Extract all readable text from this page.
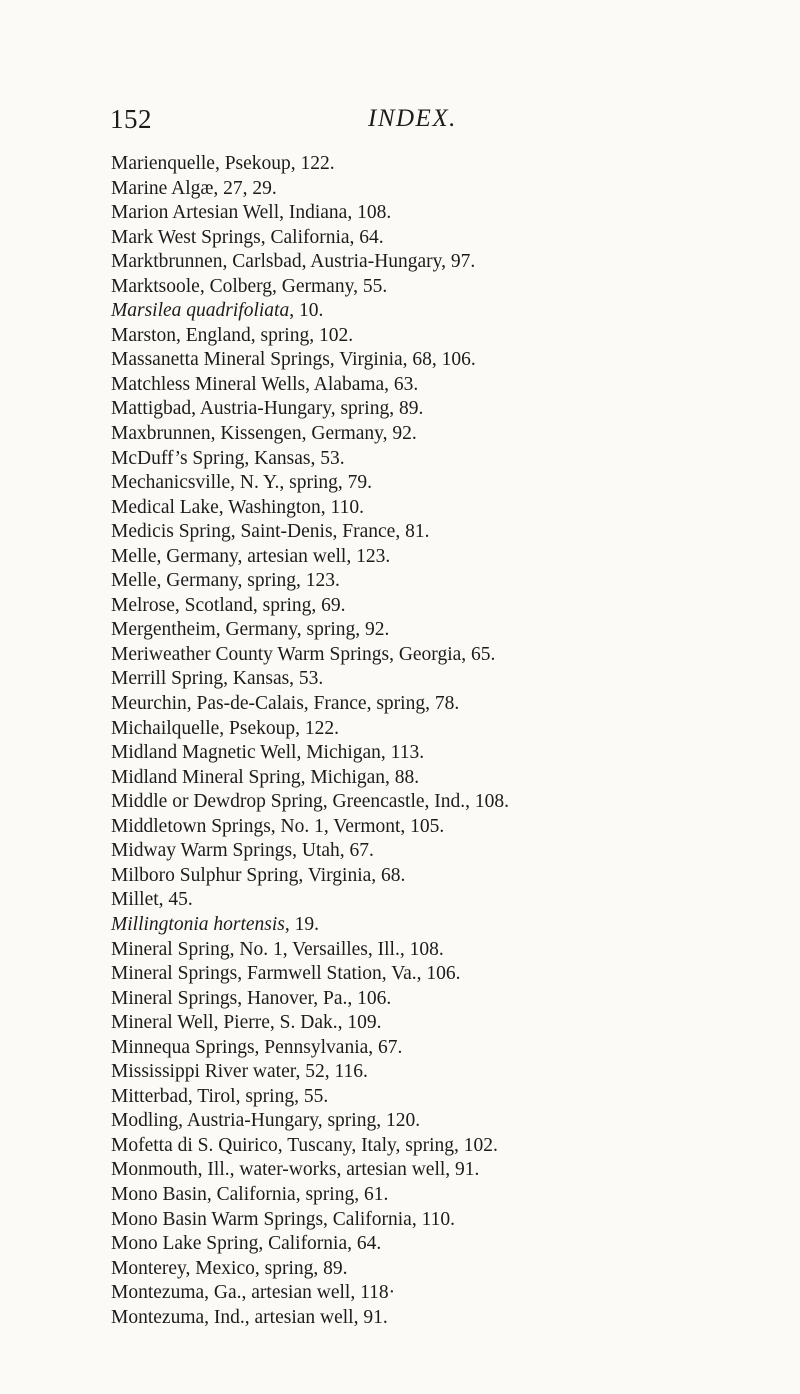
152	INDEX.
Marienquelle, Psekoup, 122.
Marine Algæ, 27, 29.
Marion Artesian Well, Indiana, 108.
Mark West Springs, California, 64.
Marktbrunnen, Carlsbad, Austria-Hungary, 97.
Marktsoole, Colberg, Germany, 55.
Marsilea quadrifoliata, 10.
Marston, England, spring, 102.
Massanetta Mineral Springs, Virginia, 68, 106.
Matchless Mineral Wells, Alabama, 63.
Mattigbad, Austria-Hungary, spring, 89.
Maxbrunnen, Kissengen, Germany, 92.
McDuff’s Spring, Kansas, 53.
Mechanicsville, N. Y., spring, 79.
Medical Lake, Washington, 110.
Medicis Spring, Saint-Denis, France, 81.
Melle, Germany, artesian well, 123.
Melle, Germany, spring, 123.
Melrose, Scotland, spring, 69.
Mergentheim, Germany, spring, 92.
Meriweather County Warm Springs, Georgia, 65.
Merrill Spring, Kansas, 53.
Meurchin, Pas-de-Calais, France, spring, 78.
Michailquelle, Psekoup, 122.
Midland Magnetic Well, Michigan, 113.
Midland Mineral Spring, Michigan, 88.
Middle or Dewdrop Spring, Greencastle, Ind., 108.
Middletown Springs, No. 1, Vermont, 105.
Midway Warm Springs, Utah, 67.
Milboro Sulphur Spring, Virginia, 68.
Millet, 45.
Millingtonia hortensis, 19.
Mineral Spring, No. 1, Versailles, Ill., 108.
Mineral Springs, Farmwell Station, Va., 106.
Mineral Springs, Hanover, Pa., 106.
Mineral Well, Pierre, S. Dak., 109.
Minnequa Springs, Pennsylvania, 67.
Mississippi River water, 52, 116.
Mitterbad, Tirol, spring, 55.
Modling, Austria-Hungary, spring, 120.
Mofetta di S. Quirico, Tuscany, Italy, spring, 102.
Monmouth, Ill., water-works, artesian well, 91.
Mono Basin, California, spring, 61.
Mono Basin Warm Springs, California, 110.
Mono Lake Spring, California, 64.
Monterey, Mexico, spring, 89.
Montezuma, Ga., artesian well, 118·
Montezuma, Ind., artesian well, 91.
